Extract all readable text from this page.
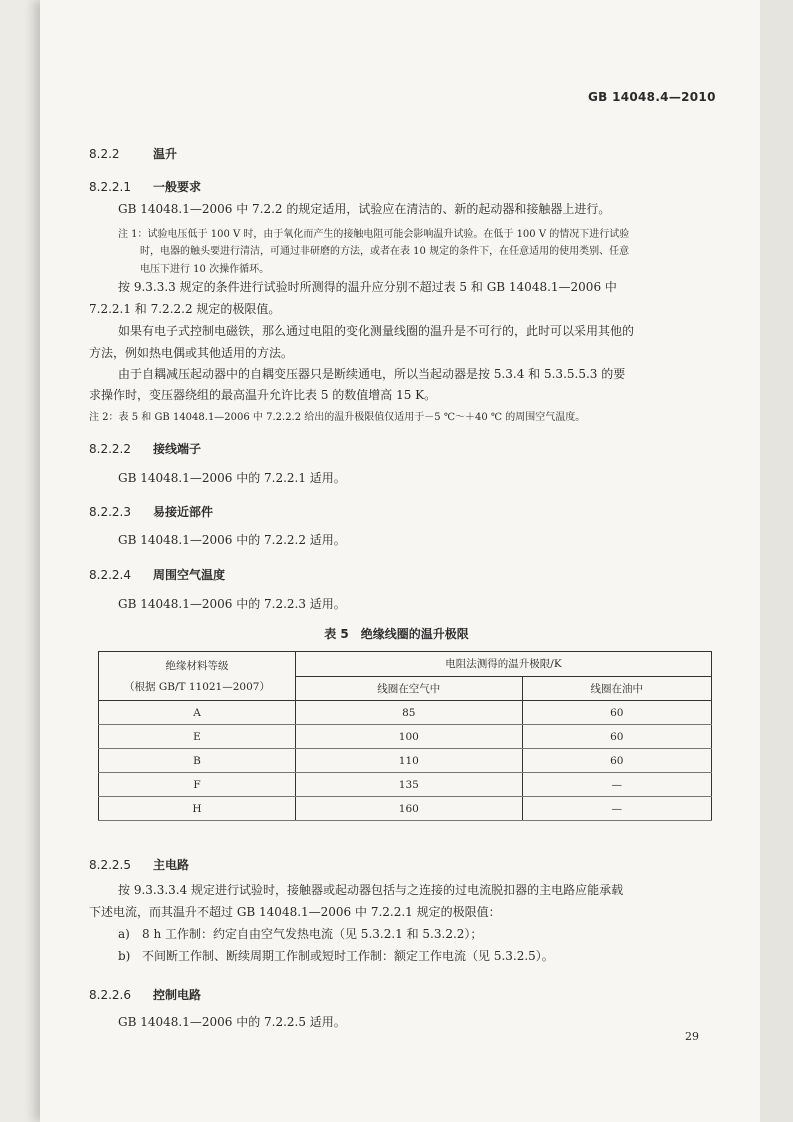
GB 14048.4—2010
8.2.2	温升
8.2.2.1 一般要求
GB 14048.1—2006 中 7.2.2 的规定适用，试验应在清洁的、新的起动器和接触器上进行。
注 1：试验电压低于 100 V 时，由于氧化而产生的接触电阻可能会影响温升试验。在低于 100 V 的情况下进行试验
时，电器的触头要进行清洁，可通过非研磨的方法，或者在表 10 规定的条件下，在任意适用的使用类别、任意
电压下进行 10 次操作循环。
按 9.3.3.3 规定的条件进行试验时所测得的温升应分别不超过表 5 和 GB 14048.1—2006 中
7.2.2.1 和 7.2.2.2 规定的极限值。
如果有电子式控制电磁铁，那么通过电阻的变化测量线圈的温升是不可行的，此时可以采用其他的
方法，例如热电偶或其他适用的方法。
由于自耦减压起动器中的自耦变压器只是断续通电，所以当起动器是按 5.3.4 和 5.3.5.5.3 的要
求操作时，变压器绕组的最高温升允许比表 5 的数值增高 15 K。
注 2：表 5 和 GB 14048.1—2006 中 7.2.2.2 给出的温升极限值仅适用于－5 ℃～＋40 ℃ 的周围空气温度。
8.2.2.2 接线端子
GB 14048.1—2006 中的 7.2.2.1 适用。
8.2.2.3 易接近部件
GB 14048.1—2006 中的 7.2.2.2 适用。
8.2.2.4 周围空气温度
GB 14048.1—2006 中的 7.2.2.3 适用。
表 5　绝缘线圈的温升极限
绝缘材料等级
（根据 GB/T 11021—2007）	电阻法测得的温升极限/K	
	线圈在空气中	线圈在油中
A	85	60
E	100	60
B	110	60
F	135	—
H	160	—
8.2.2.5 主电路
按 9.3.3.3.4 规定进行试验时，接触器或起动器包括与之连接的过电流脱扣器的主电路应能承载
下述电流，而其温升不超过 GB 14048.1—2006 中 7.2.2.1 规定的极限值：
a) 8 h 工作制：约定自由空气发热电流（见 5.3.2.1 和 5.3.2.2）；
b) 不间断工作制、断续周期工作制或短时工作制：额定工作电流（见 5.3.2.5）。
8.2.2.6 控制电路
GB 14048.1—2006 中的 7.2.2.5 适用。
29
